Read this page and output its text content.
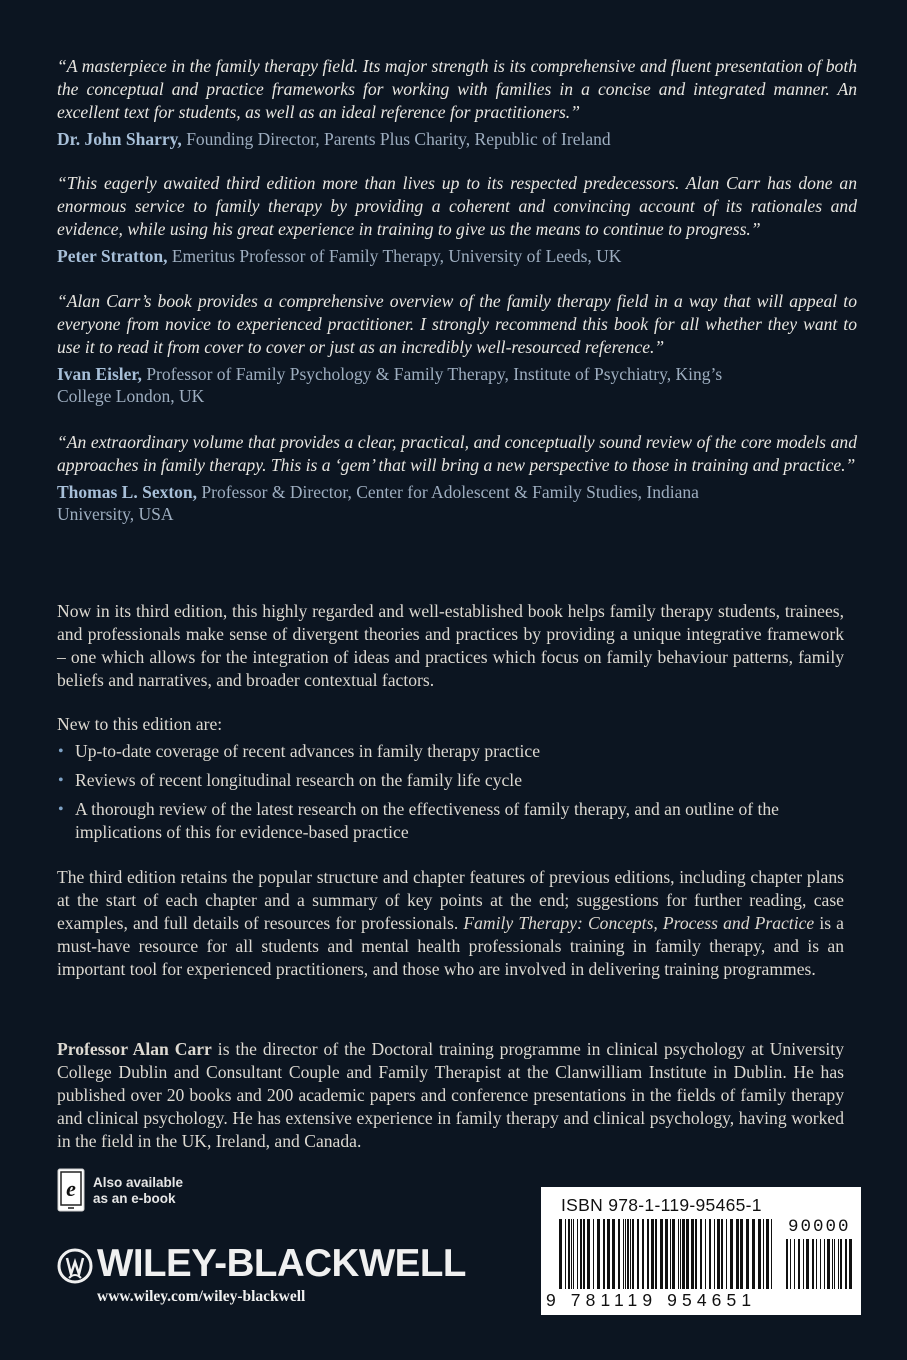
“A masterpiece in the family therapy field. Its major strength is its comprehensive and fluent presentation of both the conceptual and practice frameworks for working with families in a concise and integrated manner. An excellent text for students, as well as an ideal reference for practitioners.”

Dr. John Sharry, Founding Director, Parents Plus Charity, Republic of Ireland

“This eagerly awaited third edition more than lives up to its respected predecessors. Alan Carr has done an enormous service to family therapy by providing a coherent and convincing account of its rationales and evidence, while using his great experience in training to give us the means to continue to progress.”

Peter Stratton, Emeritus Professor of Family Therapy, University of Leeds, UK

“Alan Carr’s book provides a comprehensive overview of the family therapy field in a way that will appeal to everyone from novice to experienced practitioner. I strongly recommend this book for all whether they want to use it to read it from cover to cover or just as an incredibly well-resourced reference.”

Ivan Eisler, Professor of Family Psychology & Family Therapy, Institute of Psychiatry, King’s College London, UK

“An extraordinary volume that provides a clear, practical, and conceptually sound review of the core models and approaches in family therapy. This is a ‘gem’ that will bring a new perspective to those in training and practice.”

Thomas L. Sexton, Professor & Director, Center for Adolescent & Family Studies, Indiana University, USA

Now in its third edition, this highly regarded and well-established book helps family therapy students, trainees, and professionals make sense of divergent theories and practices by providing a unique integrative framework – one which allows for the integration of ideas and practices which focus on family behaviour patterns, family beliefs and narratives, and broader contextual factors.

New to this edition are:

• Up-to-date coverage of recent advances in family therapy practice
• Reviews of recent longitudinal research on the family life cycle
• A thorough review of the latest research on the effectiveness of family therapy, and an outline of the implications of this for evidence-based practice

The third edition retains the popular structure and chapter features of previous editions, including chapter plans at the start of each chapter and a summary of key points at the end; suggestions for further reading, case examples, and full details of resources for professionals. Family Therapy: Concepts, Process and Practice is a must-have resource for all students and mental health professionals training in family therapy, and is an important tool for experienced practitioners, and those who are involved in delivering training programmes.

Professor Alan Carr is the director of the Doctoral training programme in clinical psychology at University College Dublin and Consultant Couple and Family Therapist at the Clanwilliam Institute in Dublin. He has published over 20 books and 200 academic papers and conference presentations in the fields of family therapy and clinical psychology. He has extensive experience in family therapy and clinical psychology, having worked in the field in the UK, Ireland, and Canada.

e Also available
as an e-book
WILEY-BLACKWELL
www.wiley.com/wiley-blackwell
ISBN 978-1-119-95465-1
90000
9 781119 954651
